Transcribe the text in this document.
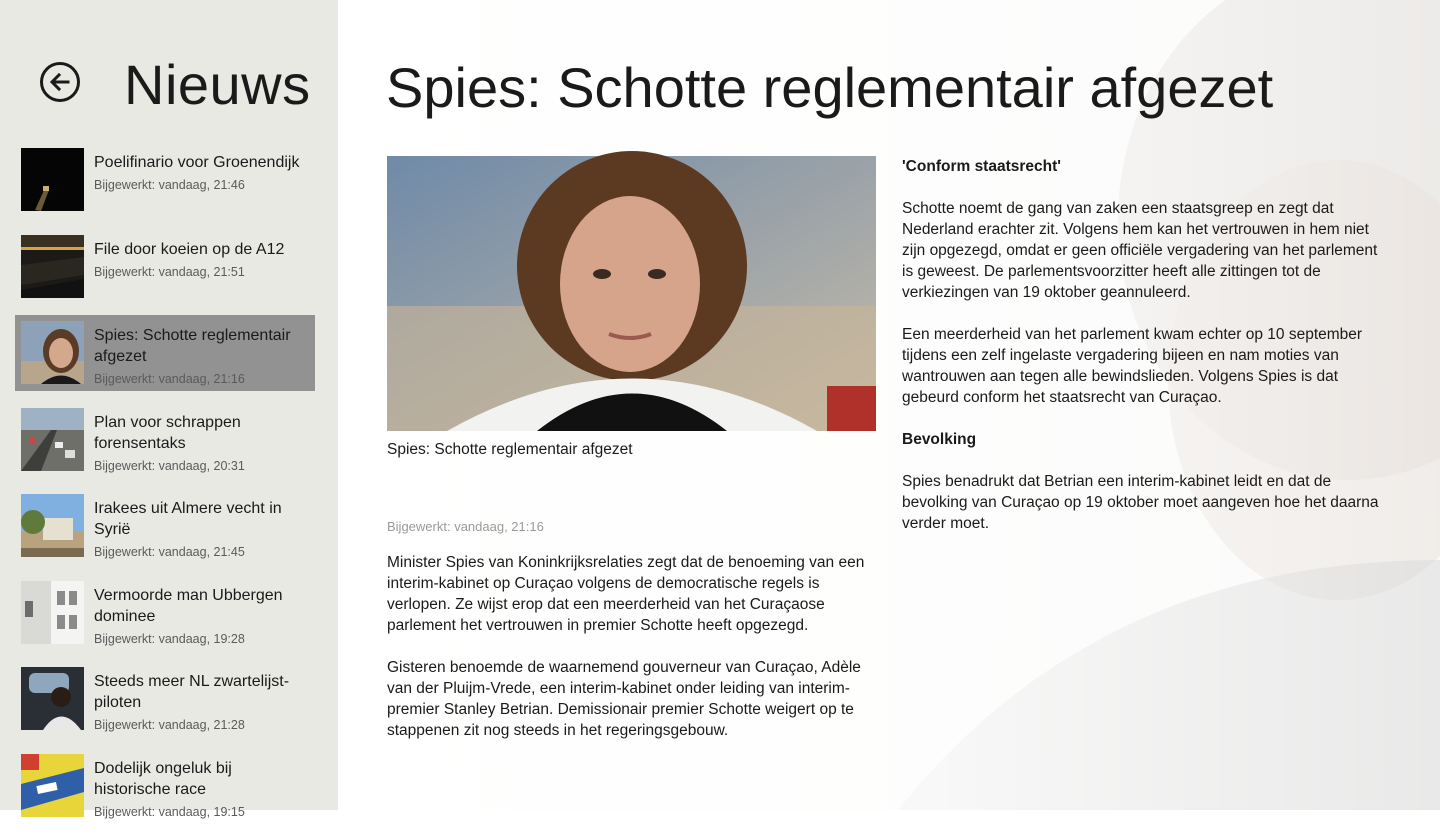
Nieuws
Poelifinario voor Groenendijk
Bijgewerkt: vandaag, 21:46
File door koeien op de A12
Bijgewerkt: vandaag, 21:51
Spies: Schotte reglementair afgezet
Bijgewerkt: vandaag, 21:16
Plan voor schrappen forensentaks
Bijgewerkt: vandaag, 20:31
Irakees uit Almere vecht in Syrië
Bijgewerkt: vandaag, 21:45
Vermoorde man Ubbergen dominee
Bijgewerkt: vandaag, 19:28
Steeds meer NL zwartelijst-piloten
Bijgewerkt: vandaag, 21:28
Dodelijk ongeluk bij historische race
Bijgewerkt: vandaag, 19:15
Spies: Schotte reglementair afgezet
Spies: Schotte reglementair afgezet
Bijgewerkt: vandaag, 21:16

Minister Spies van Koninkrijksrelaties zegt dat de benoeming van een interim-kabinet op Curaçao volgens de democratische regels is verlopen. Ze wijst erop dat een meerderheid van het Curaçaose parlement het vertrouwen in premier Schotte heeft opgezegd.

Gisteren benoemde de waarnemend gouverneur van Curaçao, Adèle van der Pluijm-Vrede, een interim-kabinet onder leiding van interim-premier Stanley Betrian. Demissionair premier Schotte weigert op te stappenen zit nog steeds in het regeringsgebouw.

'Conform staatsrecht'

Schotte noemt de gang van zaken een staatsgreep en zegt dat Nederland erachter zit. Volgens hem kan het vertrouwen in hem niet zijn opgezegd, omdat er geen officiële vergadering van het parlement is geweest. De parlementsvoorzitter heeft alle zittingen tot de verkiezingen van 19 oktober geannuleerd.

Een meerderheid van het parlement kwam echter op 10 september tijdens een zelf ingelaste vergadering bijeen en nam moties van wantrouwen aan tegen alle bewindslieden. Volgens Spies is dat gebeurd conform het staatsrecht van Curaçao.

Bevolking

Spies benadrukt dat Betrian een interim-kabinet leidt en dat de bevolking van Curaçao op 19 oktober moet aangeven hoe het daarna verder moet.
